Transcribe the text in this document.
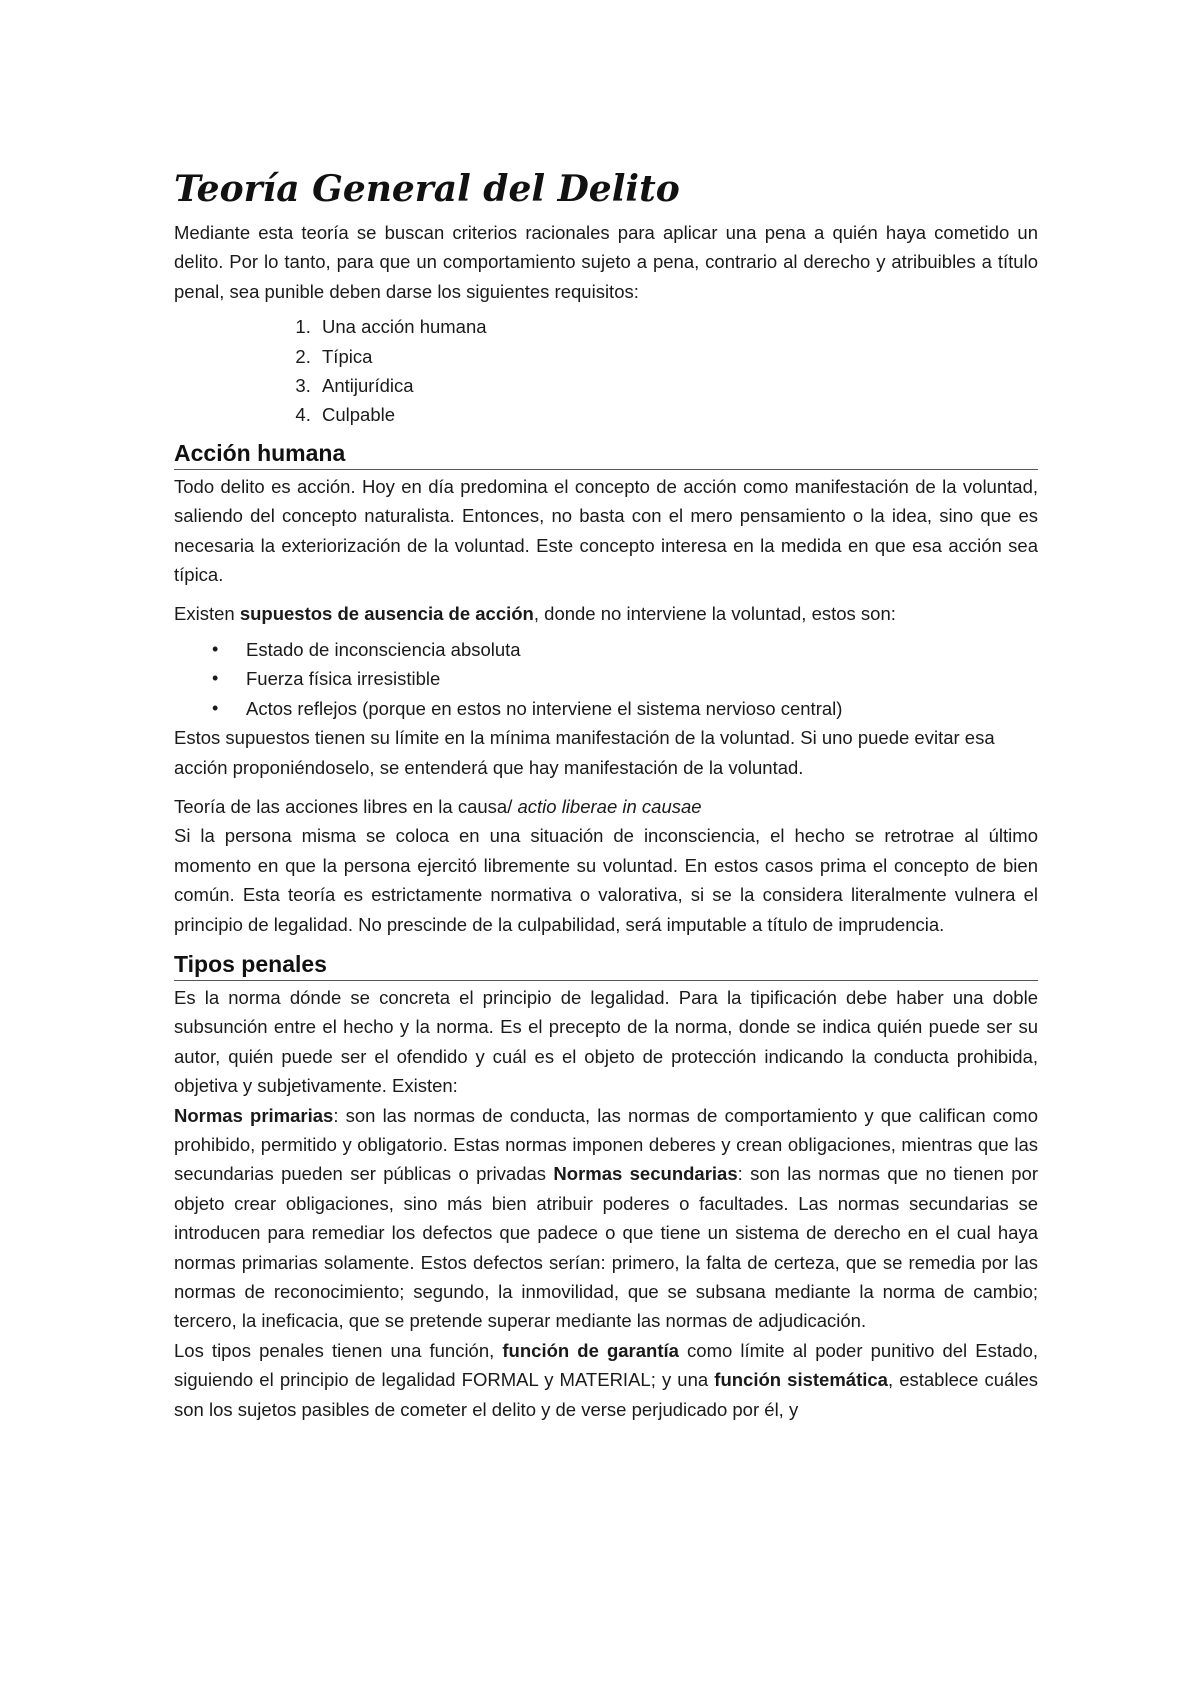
Teoría General del Delito

Mediante esta teoría se buscan criterios racionales para aplicar una pena a quién haya cometido un delito. Por lo tanto, para que un comportamiento sujeto a pena, contrario al derecho y atribuibles a título penal, sea punible deben darse los siguientes requisitos:

1. Una acción humana
2. Típica
3. Antijurídica
4. Culpable
Acción humana

Todo delito es acción. Hoy en día predomina el concepto de acción como manifestación de la voluntad, saliendo del concepto naturalista. Entonces, no basta con el mero pensamiento o la idea, sino que es necesaria la exteriorización de la voluntad. Este concepto interesa en la medida en que esa acción sea típica.

Existen supuestos de ausencia de acción, donde no interviene la voluntad, estos son:

• Estado de inconsciencia absoluta
• Fuerza física irresistible
• Actos reflejos (porque en estos no interviene el sistema nervioso central)

Estos supuestos tienen su límite en la mínima manifestación de la voluntad. Si uno puede evitar esa acción proponiéndoselo, se entenderá que hay manifestación de la voluntad.

Teoría de las acciones libres en la causa/ actio liberae in causae

Si la persona misma se coloca en una situación de inconsciencia, el hecho se retrotrae al último momento en que la persona ejercitó libremente su voluntad. En estos casos prima el concepto de bien común. Esta teoría es estrictamente normativa o valorativa, si se la considera literalmente vulnera el principio de legalidad. No prescinde de la culpabilidad, será imputable a título de imprudencia.

Tipos penales

Es la norma dónde se concreta el principio de legalidad. Para la tipificación debe haber una doble subsunción entre el hecho y la norma. Es el precepto de la norma, donde se indica quién puede ser su autor, quién puede ser el ofendido y cuál es el objeto de protección indicando la conducta prohibida, objetiva y subjetivamente. Existen:

Normas primarias: son las normas de conducta, las normas de comportamiento y que califican como prohibido, permitido y obligatorio. Estas normas imponen deberes y crean obligaciones, mientras que las secundarias pueden ser públicas o privadas Normas secundarias: son las normas que no tienen por objeto crear obligaciones, sino más bien atribuir poderes o facultades. Las normas secundarias se introducen para remediar los defectos que padece o que tiene un sistema de derecho en el cual haya normas primarias solamente. Estos defectos serían: primero, la falta de certeza, que se remedia por las normas de reconocimiento; segundo, la inmovilidad, que se subsana mediante la norma de cambio; tercero, la ineficacia, que se pretende superar mediante las normas de adjudicación.

Los tipos penales tienen una función, función de garantía como límite al poder punitivo del Estado, siguiendo el principio de legalidad FORMAL y MATERIAL; y una función sistemática, establece cuáles son los sujetos pasibles de cometer el delito y de verse perjudicado por él, y
